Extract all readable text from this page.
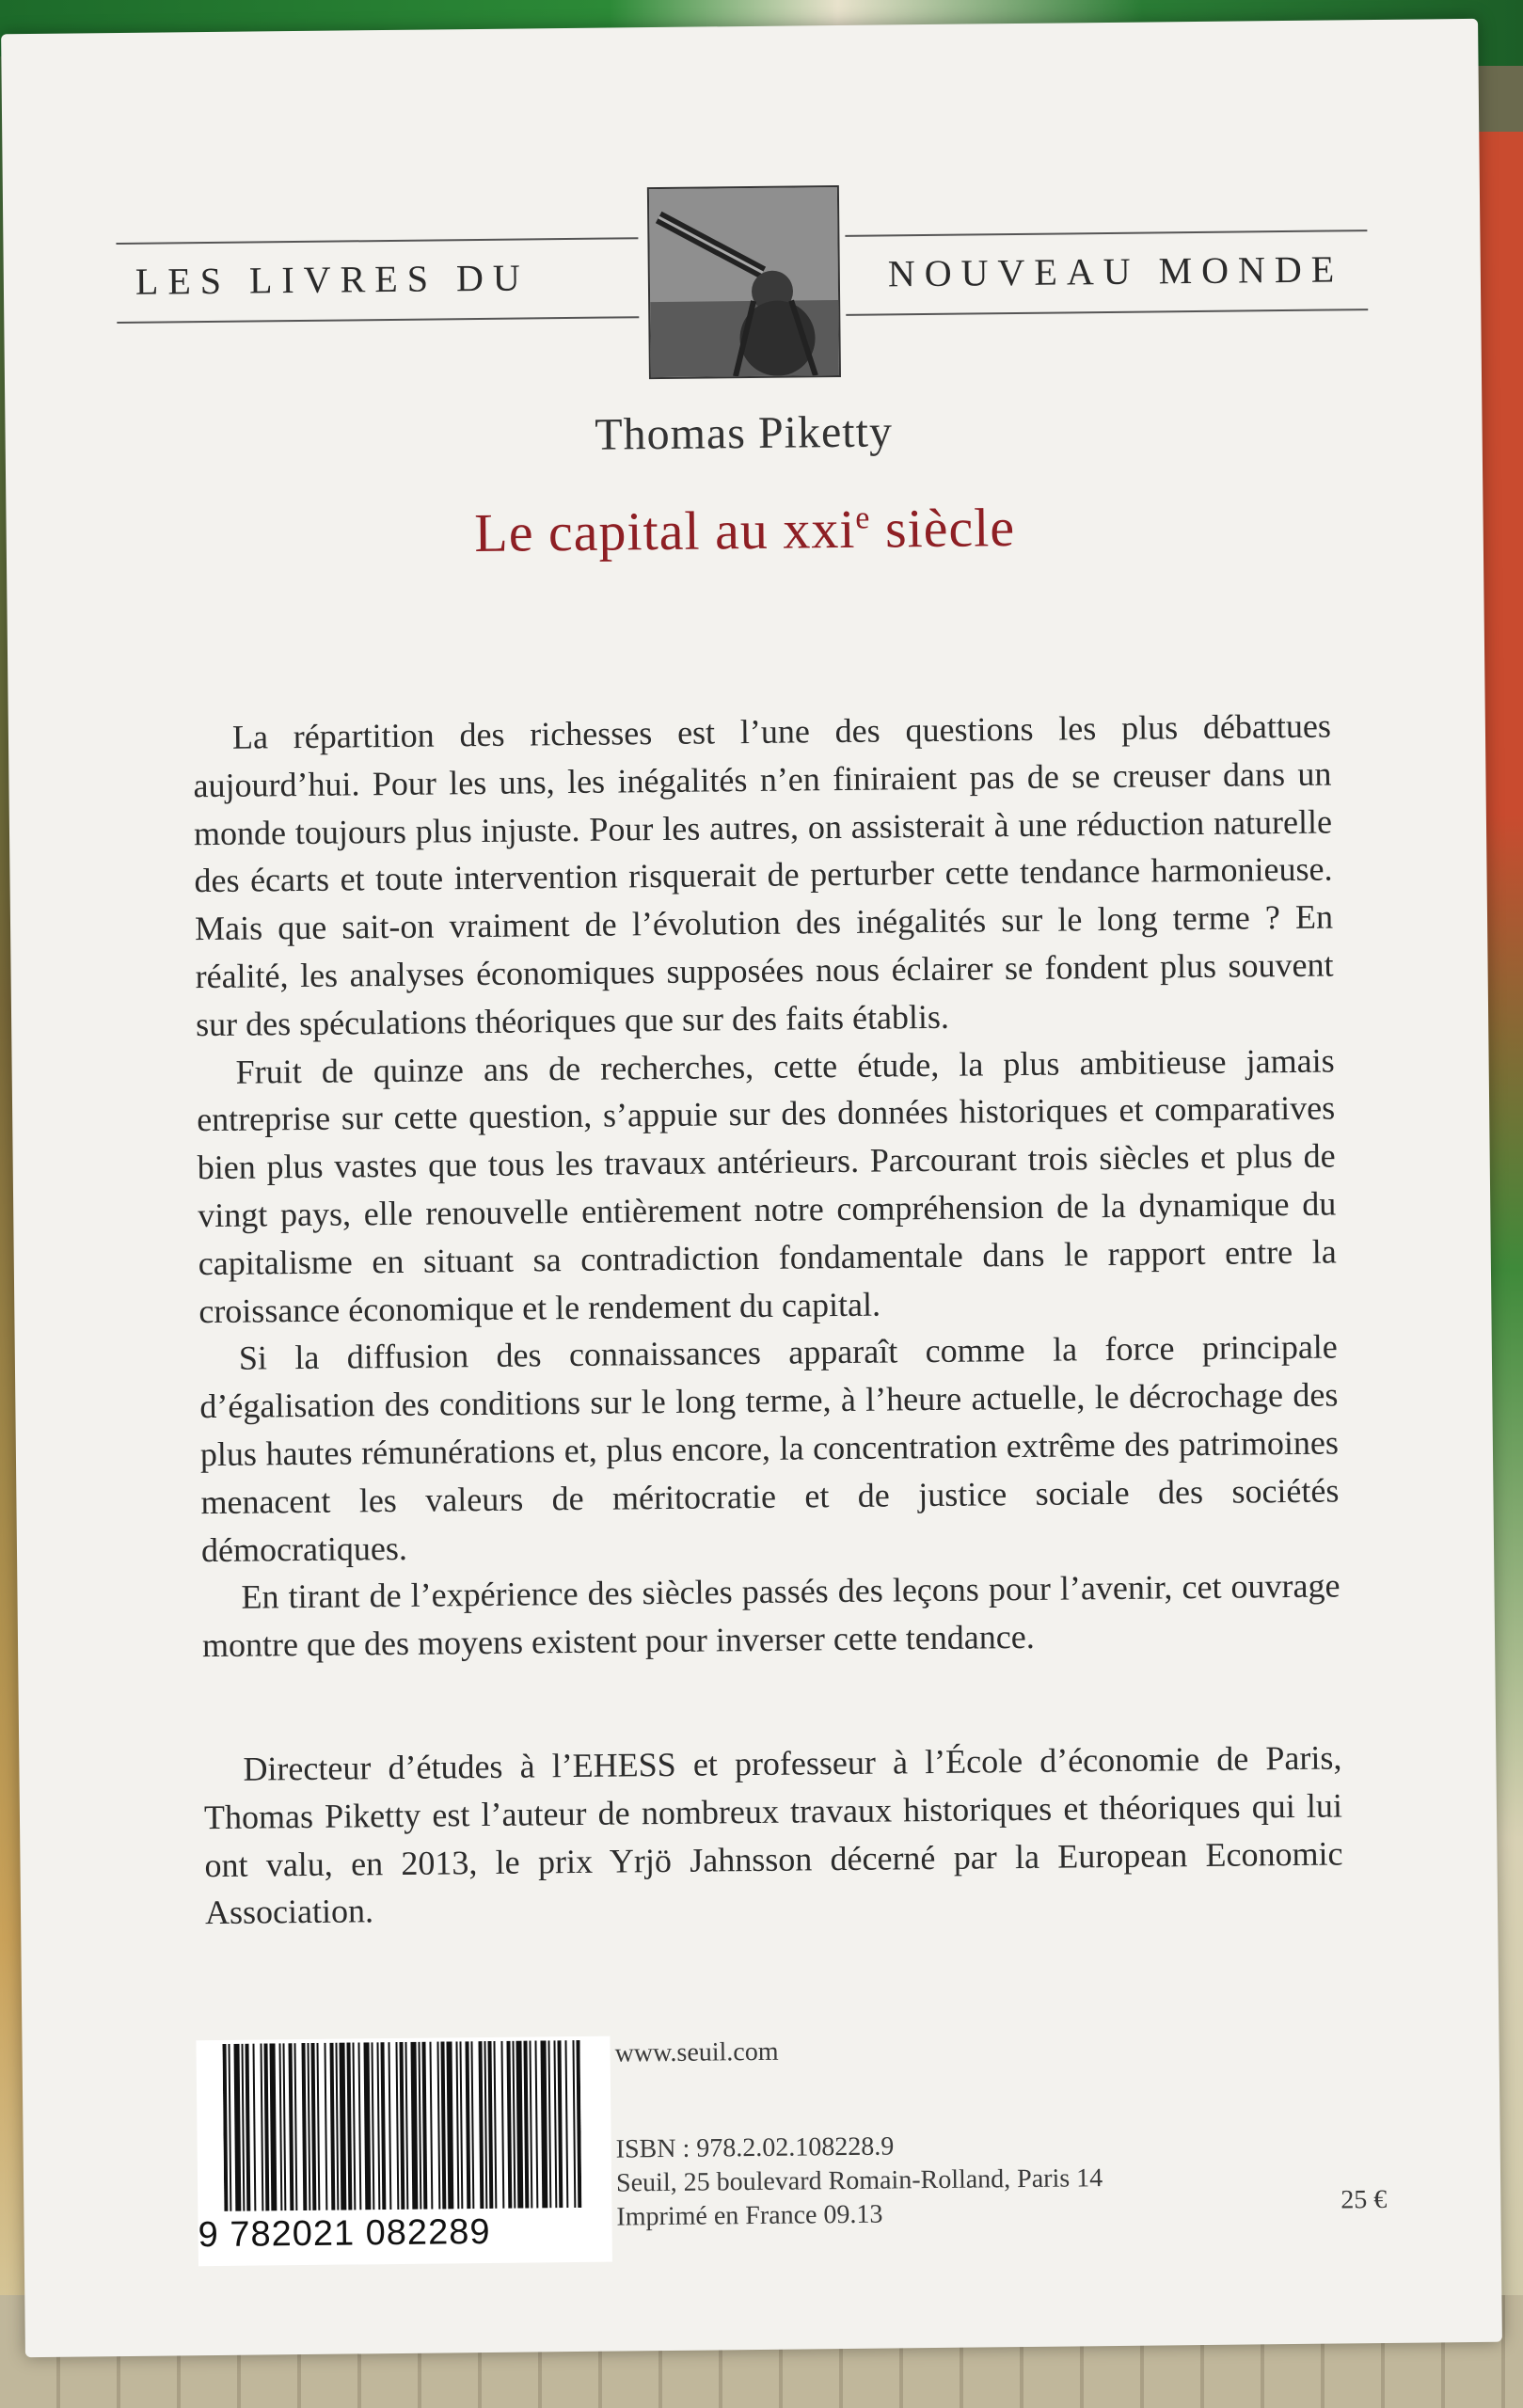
LES LIVRES DU	NOUVEAU MONDE
Thomas Piketty
Le capital au xxi$^e$ siècle

La répartition des richesses est l’une des questions les plus débattues aujourd’hui. Pour les uns, les inégalités n’en finiraient pas de se creuser dans un monde toujours plus injuste. Pour les autres, on assisterait à une réduction naturelle des écarts et toute intervention risquerait de perturber cette tendance harmonieuse. Mais que sait-on vraiment de l’évolution des inégalités sur le long terme ? En réalité, les analyses économiques supposées nous éclairer se fondent plus souvent sur des spéculations théoriques que sur des faits établis.

Fruit de quinze ans de recherches, cette étude, la plus ambitieuse jamais entreprise sur cette question, s’appuie sur des données historiques et comparatives bien plus vastes que tous les travaux antérieurs. Parcourant trois siècles et plus de vingt pays, elle renouvelle entièrement notre compréhension de la dynamique du capitalisme en situant sa contradiction fondamentale dans le rapport entre la croissance économique et le rendement du capital.

Si la diffusion des connaissances apparaît comme la force principale d’égalisation des conditions sur le long terme, à l’heure actuelle, le décrochage des plus hautes rémunérations et, plus encore, la concentration extrême des patrimoines menacent les valeurs de méritocratie et de justice sociale des sociétés démocratiques.

En tirant de l’expérience des siècles passés des leçons pour l’avenir, cet ouvrage montre que des moyens existent pour inverser cette tendance.

Directeur d’études à l’EHESS et professeur à l’École d’économie de Paris, Thomas Piketty est l’auteur de nombreux travaux historiques et théoriques qui lui ont valu, en 2013, le prix Yrjö Jahnsson décerné par la European Economic Association.

9 782021 082289
www.seuil.com
ISBN : 978.2.02.108228.9
Seuil, 25 boulevard Romain-Rolland, Paris 14
Imprimé en France 09.13	25 €
